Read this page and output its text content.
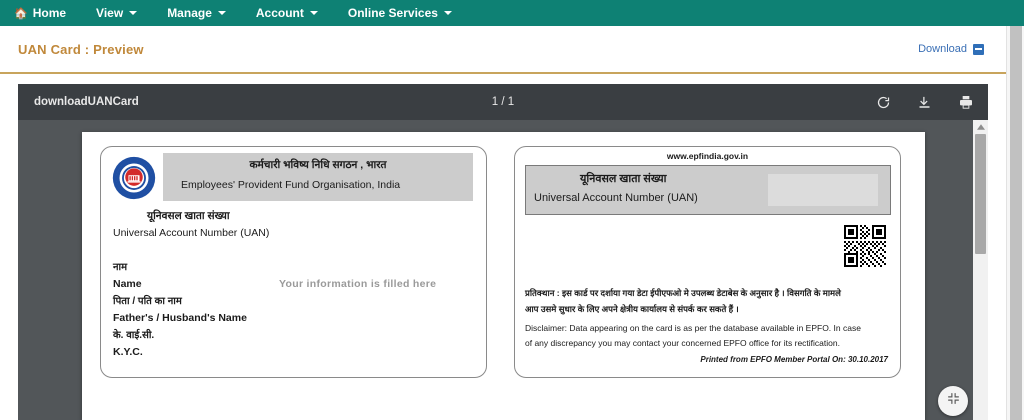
🏠 Home	View	Manage	Account	Online Services
UAN Card : Preview	Download
downloadUANCard	1 / 1
कर्मचारी भविष्य निधि सगठन , भारत
Employees' Provident Fund Organisation, India
यूनिवसल खाता संख्या
Universal Account Number (UAN)
नाम
Name
पिता / पति का नाम
Father's / Husband's Name
के. वाई.सी.
K.Y.C.
Your information is filled here
www.epfindia.gov.in
यूनिवसल खाता संख्या
Universal Account Number (UAN)
प्रतिक्थान : इस कार्ड पर दर्शाया गया डेटा ईपीएफओ मे उपलब्ध डेटाबेस के अनुसार है । विसगति के मामले
आप उसमे सुधार के लिए अपने क्षेत्रीय कार्यालय से संपर्क कर सकते हैं ।
Disclaimer: Data appearing on the card is as per the database available in EPFO. In case
of any discrepancy you may contact your concerned EPFO office for its rectification.
Printed from EPFO Member Portal On: 30.10.2017
